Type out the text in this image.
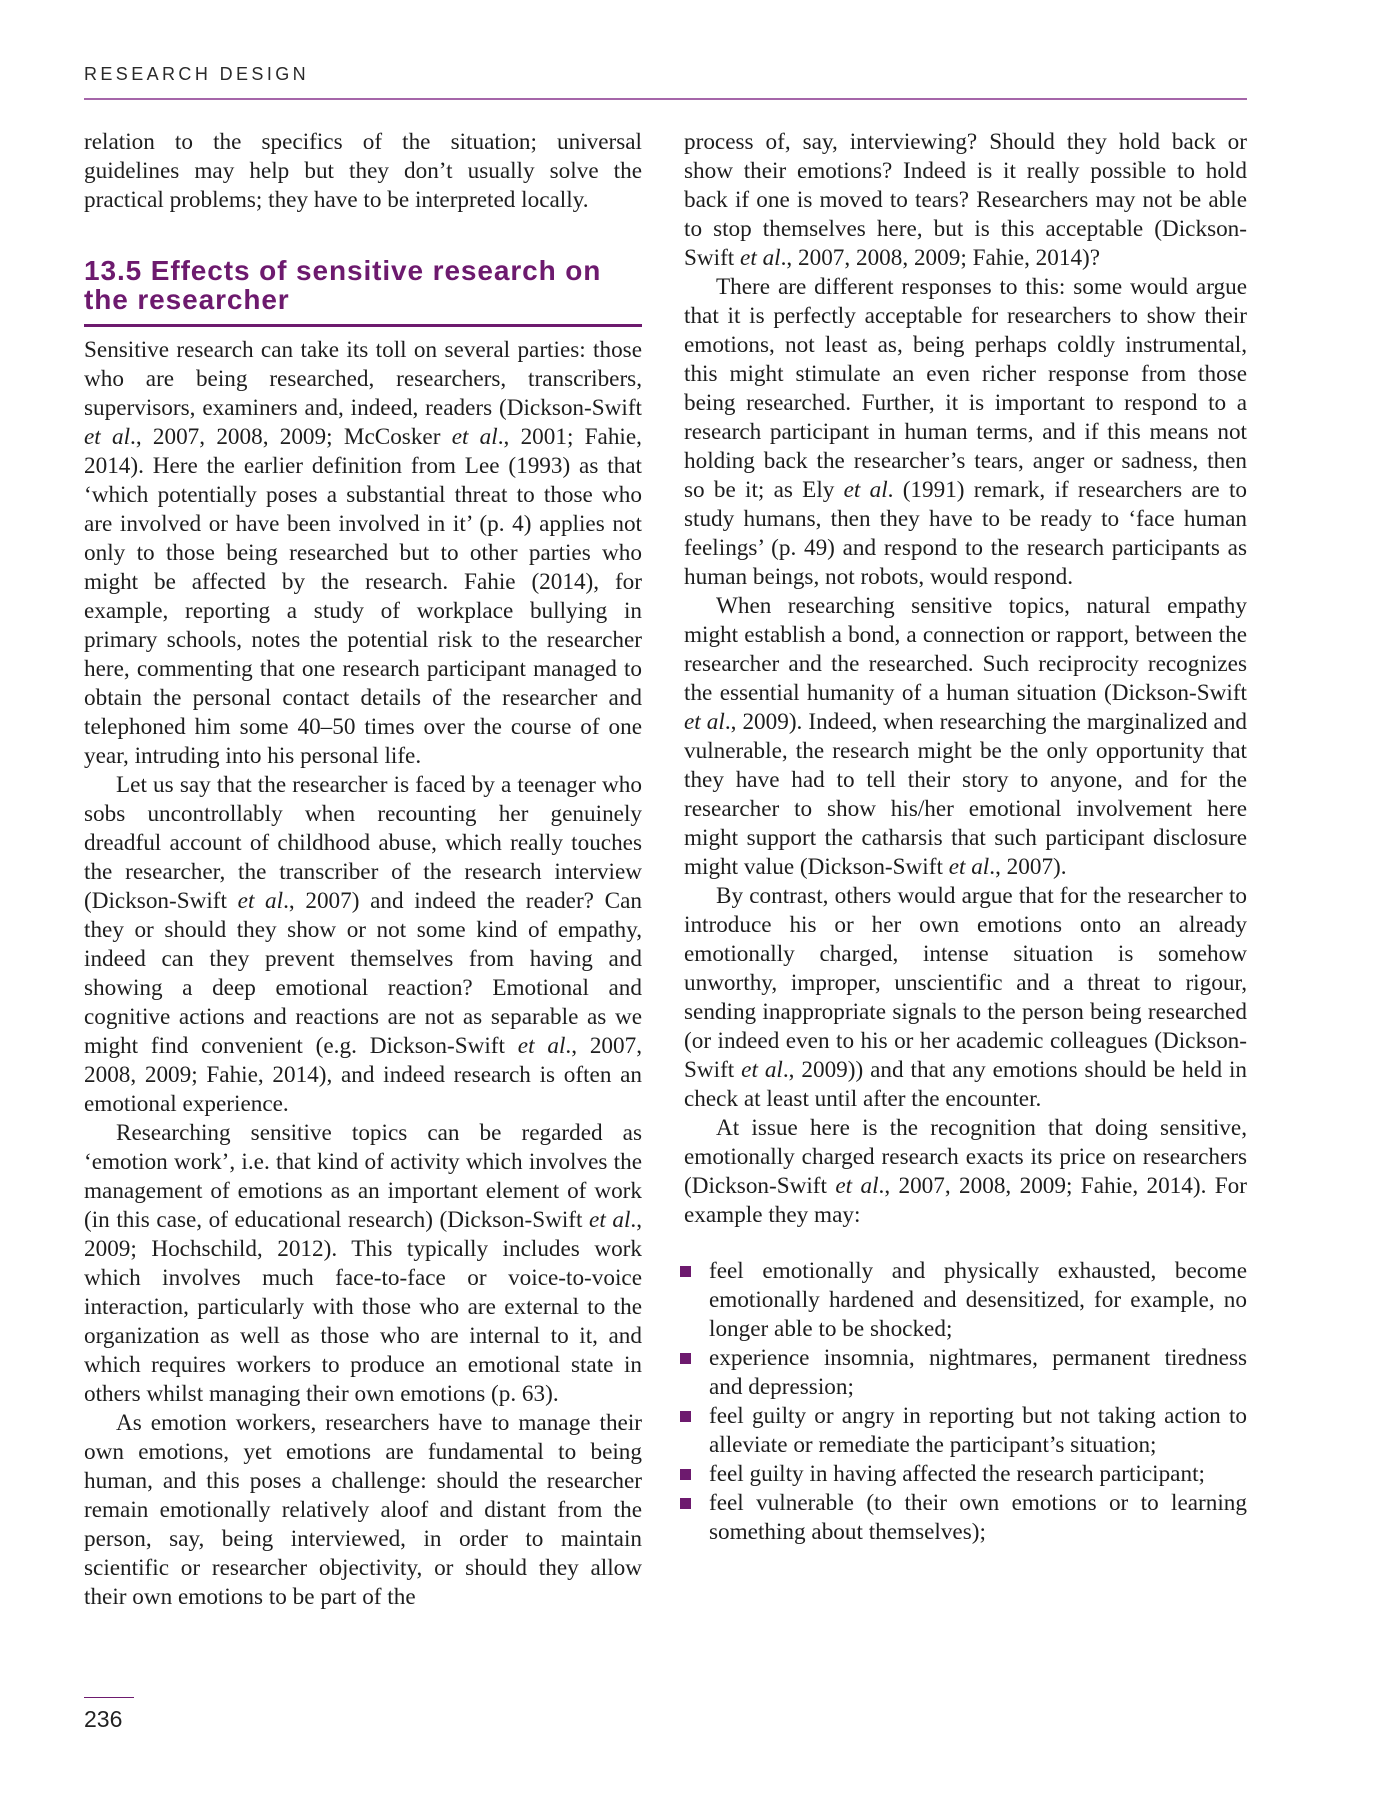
RESEARCH DESIGN

relation to the specifics of the situation; universal guidelines may help but they don’t usually solve the practical problems; they have to be interpreted locally.

13.5 Effects of sensitive research on the researcher

Sensitive research can take its toll on several parties: those who are being researched, researchers, transcribers, supervisors, examiners and, indeed, readers (Dickson-Swift et al., 2007, 2008, 2009; McCosker et al., 2001; Fahie, 2014). Here the earlier definition from Lee (1993) as that ‘which potentially poses a substantial threat to those who are involved or have been involved in it’ (p. 4) applies not only to those being researched but to other parties who might be affected by the research. Fahie (2014), for example, reporting a study of workplace bullying in primary schools, notes the potential risk to the researcher here, commenting that one research participant managed to obtain the personal contact details of the researcher and telephoned him some 40–50 times over the course of one year, intruding into his personal life.

Let us say that the researcher is faced by a teenager who sobs uncontrollably when recounting her genuinely dreadful account of childhood abuse, which really touches the researcher, the transcriber of the research interview (Dickson-Swift et al., 2007) and indeed the reader? Can they or should they show or not some kind of empathy, indeed can they prevent themselves from having and showing a deep emotional reaction? Emotional and cognitive actions and reactions are not as separable as we might find convenient (e.g. Dickson-Swift et al., 2007, 2008, 2009; Fahie, 2014), and indeed research is often an emotional experience.

Researching sensitive topics can be regarded as ‘emotion work’, i.e. that kind of activity which involves the management of emotions as an important element of work (in this case, of educational research) (Dickson-Swift et al., 2009; Hochschild, 2012). This typically includes work which involves much face-to-face or voice-to-voice interaction, particularly with those who are external to the organization as well as those who are internal to it, and which requires workers to produce an emotional state in others whilst managing their own emotions (p. 63).

As emotion workers, researchers have to manage their own emotions, yet emotions are fundamental to being human, and this poses a challenge: should the researcher remain emotionally relatively aloof and distant from the person, say, being interviewed, in order to maintain scientific or researcher objectivity, or should they allow their own emotions to be part of the

process of, say, interviewing? Should they hold back or show their emotions? Indeed is it really possible to hold back if one is moved to tears? Researchers may not be able to stop themselves here, but is this acceptable (Dickson-Swift et al., 2007, 2008, 2009; Fahie, 2014)?

There are different responses to this: some would argue that it is perfectly acceptable for researchers to show their emotions, not least as, being perhaps coldly instrumental, this might stimulate an even richer response from those being researched. Further, it is important to respond to a research participant in human terms, and if this means not holding back the researcher’s tears, anger or sadness, then so be it; as Ely et al. (1991) remark, if researchers are to study humans, then they have to be ready to ‘face human feelings’ (p. 49) and respond to the research participants as human beings, not robots, would respond.

When researching sensitive topics, natural empathy might establish a bond, a connection or rapport, between the researcher and the researched. Such reciprocity recognizes the essential humanity of a human situation (Dickson-Swift et al., 2009). Indeed, when researching the marginalized and vulnerable, the research might be the only opportunity that they have had to tell their story to anyone, and for the researcher to show his/her emotional involvement here might support the catharsis that such participant disclosure might value (Dickson-Swift et al., 2007).

By contrast, others would argue that for the researcher to introduce his or her own emotions onto an already emotionally charged, intense situation is somehow unworthy, improper, unscientific and a threat to rigour, sending inappropriate signals to the person being researched (or indeed even to his or her academic colleagues (Dickson-Swift et al., 2009)) and that any emotions should be held in check at least until after the encounter.

At issue here is the recognition that doing sensitive, emotionally charged research exacts its price on researchers (Dickson-Swift et al., 2007, 2008, 2009; Fahie, 2014). For example they may:

feel emotionally and physically exhausted, become emotionally hardened and desensitized, for example, no longer able to be shocked;
experience insomnia, nightmares, permanent tiredness and depression;
feel guilty or angry in reporting but not taking action to alleviate or remediate the participant’s situation;
feel guilty in having affected the research participant;
feel vulnerable (to their own emotions or to learning something about themselves);
236
